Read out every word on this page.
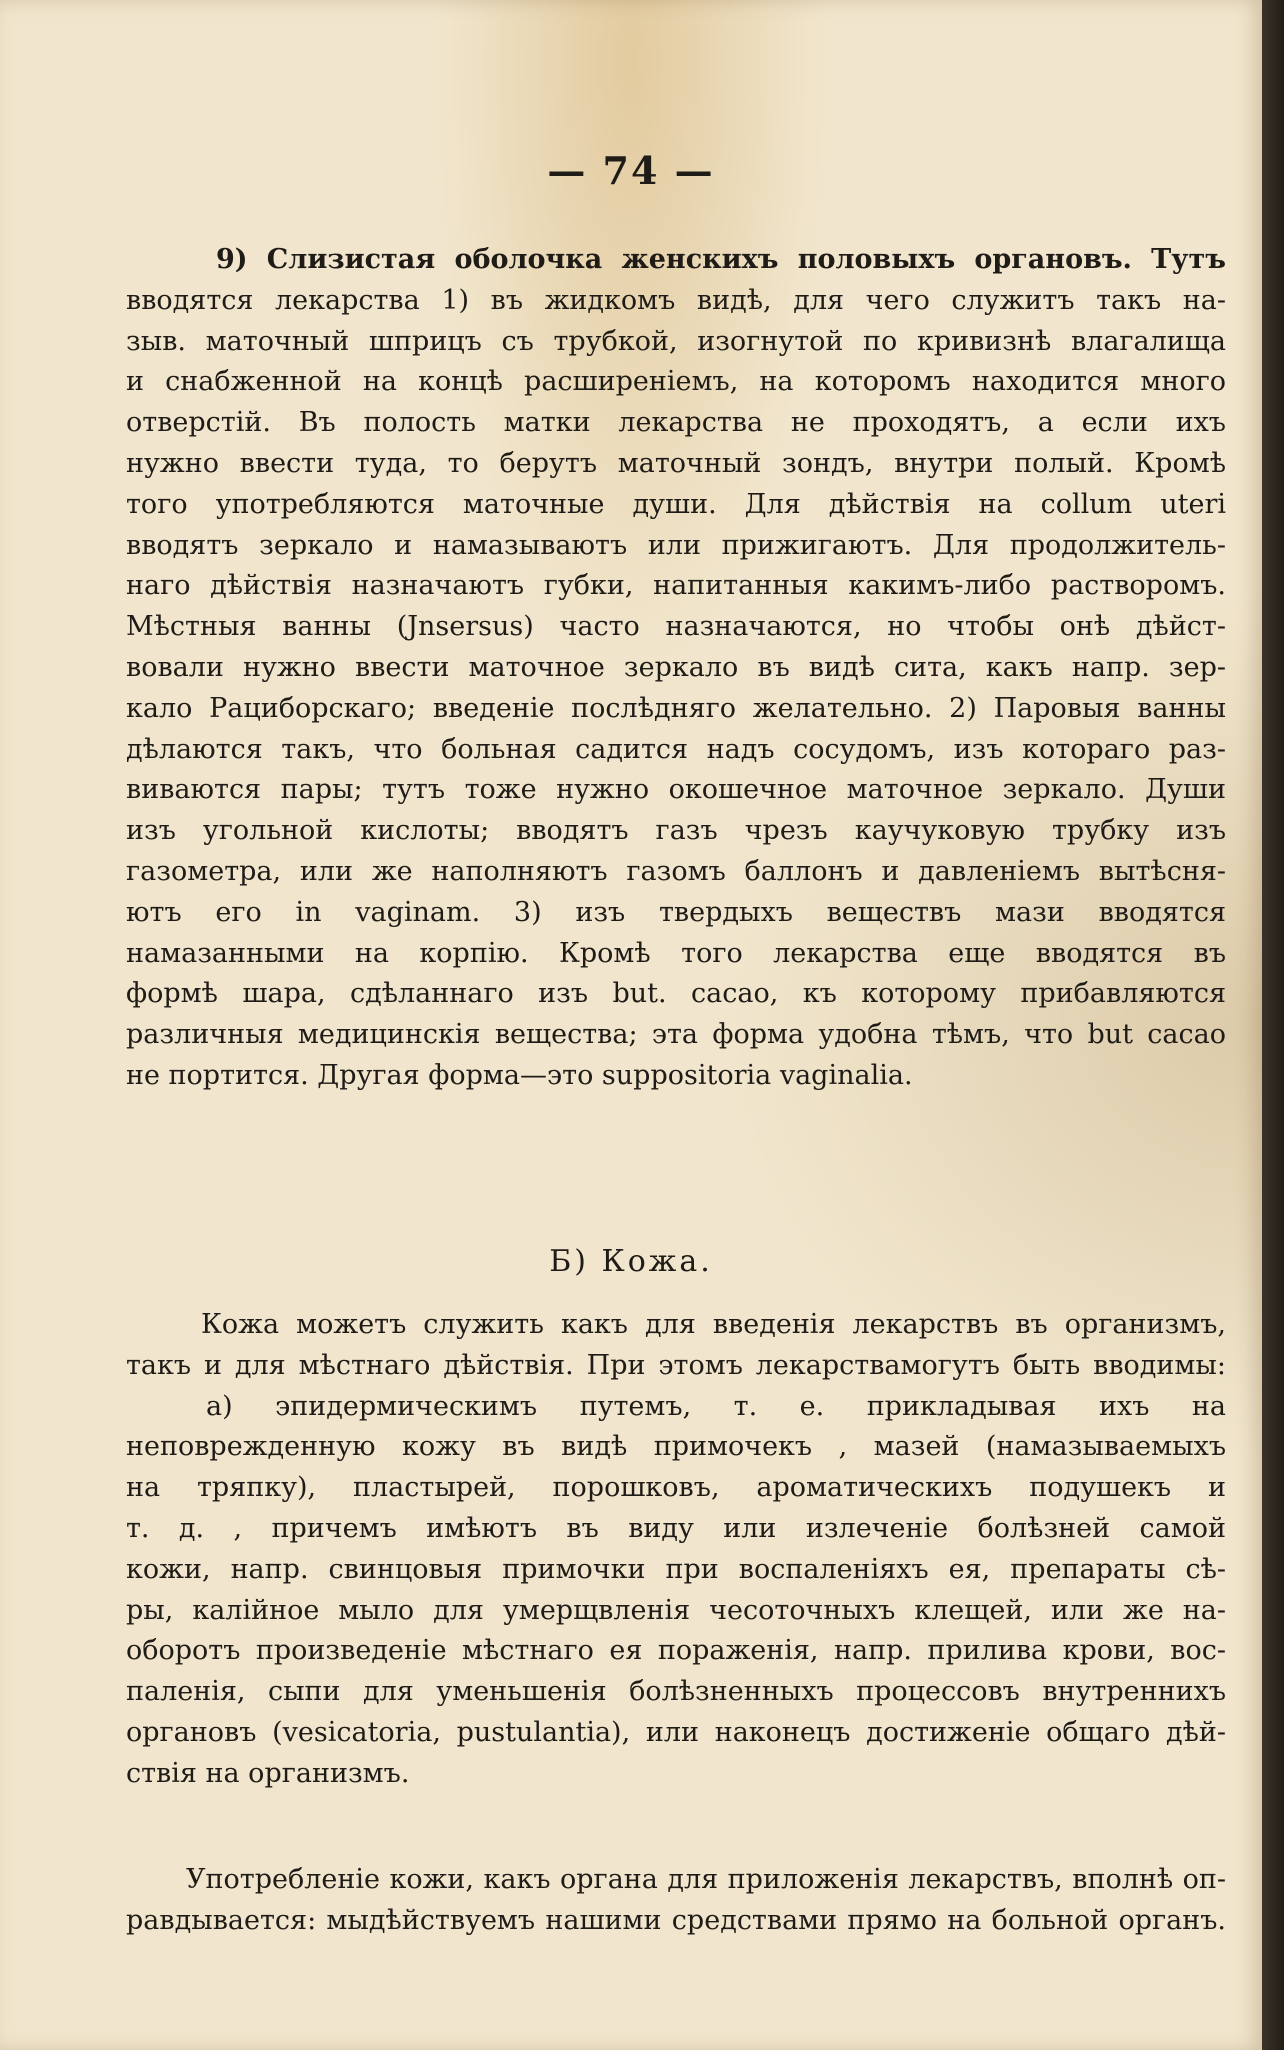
— 74 —
9) Слизистая оболочка женскихъ половыхъ органовъ. Тутъ
вводятся лекарства 1) въ жидкомъ видѣ, для чего служитъ такъ на-
зыв. маточный шприцъ съ трубкой, изогнутой по кривизнѣ влагалища
и снабженной на концѣ расширеніемъ, на которомъ находится много
отверстій. Въ полость матки лекарства не проходятъ, а если ихъ
нужно ввести туда, то берутъ маточный зондъ, внутри полый. Кромѣ
того употребляются маточные души. Для дѣйствія на collum uteri
вводятъ зеркало и намазываютъ или прижигаютъ. Для продолжитель-
наго дѣйствія назначаютъ губки, напитанныя какимъ-либо растворомъ.
Мѣстныя ванны (Jnsersus) часто назначаются, но чтобы онѣ дѣйст-
вовали нужно ввести маточное зеркало въ видѣ сита, какъ напр. зер-
кало Рациборскаго; введеніе послѣдняго желательно. 2) Паровыя ванны
дѣлаются такъ, что больная садится надъ сосудомъ, изъ котораго раз-
виваются пары; тутъ тоже нужно окошечное маточное зеркало. Души
изъ угольной кислоты; вводятъ газъ чрезъ каучуковую трубку изъ
газометра, или же наполняютъ газомъ баллонъ и давленіемъ вытѣсня-
ютъ его in vaginam. 3) изъ твердыхъ веществъ мази вводятся
намазанными на корпію. Кромѣ того лекарства еще вводятся въ
формѣ шара, сдѣланнаго изъ but. cacao, къ которому прибавляются
различныя медицинскія вещества; эта форма удобна тѣмъ, что but cacao
не портится. Другая форма—это suppositoria vaginalia.
Б) Кожа.
Кожа можетъ служить какъ для введенія лекарствъ въ организмъ,
такъ и для мѣстнаго дѣйствія. При этомъ лекарствамогутъ быть вводимы:
а) эпидермическимъ путемъ, т. е. прикладывая ихъ на
неповрежденную кожу въ видѣ примочекъ , мазей (намазываемыхъ
на тряпку), пластырей, порошковъ, ароматическихъ подушекъ и
т. д. , причемъ имѣютъ въ виду или излеченіе болѣзней самой
кожи, напр. свинцовыя примочки при воспаленіяхъ ея, препараты сѣ-
ры, калійное мыло для умерщвленія чесоточныхъ клещей, или же на-
оборотъ произведеніе мѣстнаго ея пораженія, напр. прилива крови, вос-
паленія, сыпи для уменьшенія болѣзненныхъ процессовъ внутреннихъ
органовъ (vesicatoria, pustulantia), или наконецъ достиженіе общаго дѣй-
ствія на организмъ.
Употребленіе кожи, какъ органа для приложенія лекарствъ, вполнѣ оп-
равдывается: мыдѣйствуемъ нашими средствами прямо на больной органъ.
